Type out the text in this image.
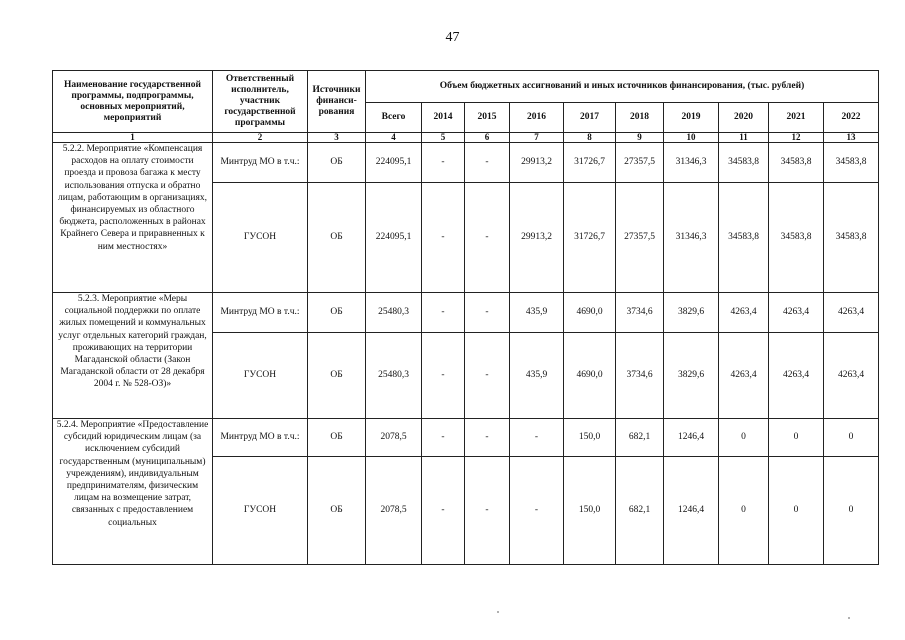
47
Наименование государственной программы, подпрограммы, основных мероприятий, мероприятий	Ответственный исполнитель, участник государственной программы	Источники финанси-рования	Объем бюджетных ассигнований и иных источников финансирования, (тыс. рублей)									
			Всего	2014	2015	2016	2017	2018	2019	2020	2021	2022
1	2	3	4	5	6	7	8	9	10	11	12	13
5.2.2. Мероприятие «Компенсация расходов на оплату стоимости проезда и провоза багажа к месту использования отпуска и обратно лицам, работающим в организациях, финансируемых из областного бюджета, расположенных в районах Крайнего Севера и приравненных к ним местностях»	Минтруд МО в т.ч.:	ОБ	224095,1	-	-	29913,2	31726,7	27357,5	31346,3	34583,8	34583,8	34583,8
	ГУСОН	ОБ	224095,1	-	-	29913,2	31726,7	27357,5	31346,3	34583,8	34583,8	34583,8
5.2.3. Мероприятие «Меры социальной поддержки по оплате жилых помещений и коммунальных услуг отдельных категорий граждан, проживающих на территории Магаданской области (Закон Магаданской области от 28 декабря 2004 г. № 528-ОЗ)»	Минтруд МО в т.ч.:	ОБ	25480,3	-	-	435,9	4690,0	3734,6	3829,6	4263,4	4263,4	4263,4
	ГУСОН	ОБ	25480,3	-	-	435,9	4690,0	3734,6	3829,6	4263,4	4263,4	4263,4
5.2.4. Мероприятие «Предоставление субсидий юридическим лицам (за исключением субсидий государственным (муниципальным) учреждениям), индивидуальным предпринимателям, физическим лицам на возмещение затрат, связанных с предоставлением социальных	Минтруд МО в т.ч.:	ОБ	2078,5	-	-	-	150,0	682,1	1246,4	0	0	0
	ГУСОН	ОБ	2078,5	-	-	-	150,0	682,1	1246,4	0	0	0
